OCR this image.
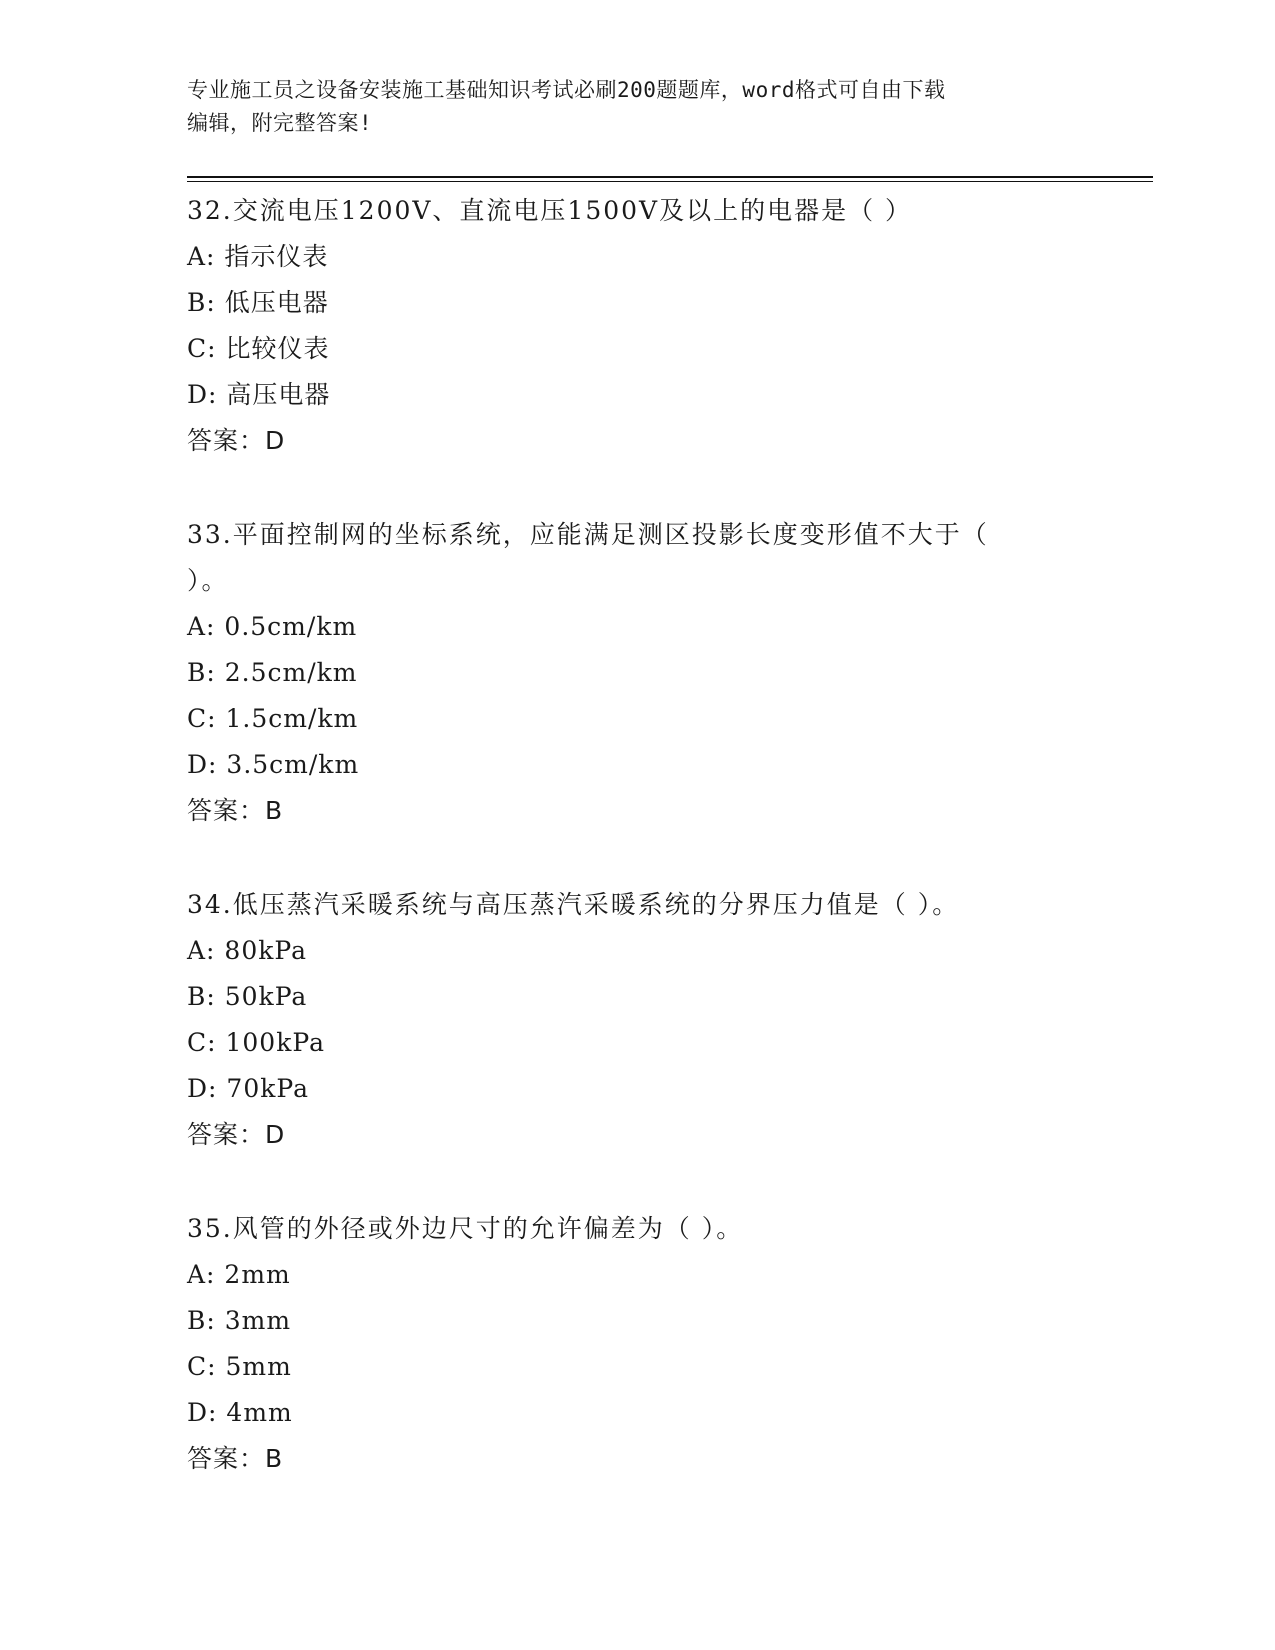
专业施工员之设备安装施工基础知识考试必刷200题题库，word格式可自由下载
编辑，附完整答案!
32.交流电压1200V、直流电压1500V及以上的电器是（ ）
A: 指示仪表
B: 低压电器
C: 比较仪表
D: 高压电器
答案：D
33.平面控制网的坐标系统，应能满足测区投影长度变形值不大于（ ）。
A: 0.5cm/km
B: 2.5cm/km
C: 1.5cm/km
D: 3.5cm/km
答案：B
34.低压蒸汽采暖系统与高压蒸汽采暖系统的分界压力值是（ ）。
A: 80kPa
B: 50kPa
C: 100kPa
D: 70kPa
答案：D
35.风管的外径或外边尺寸的允许偏差为（ ）。
A: 2mm
B: 3mm
C: 5mm
D: 4mm
答案：B
